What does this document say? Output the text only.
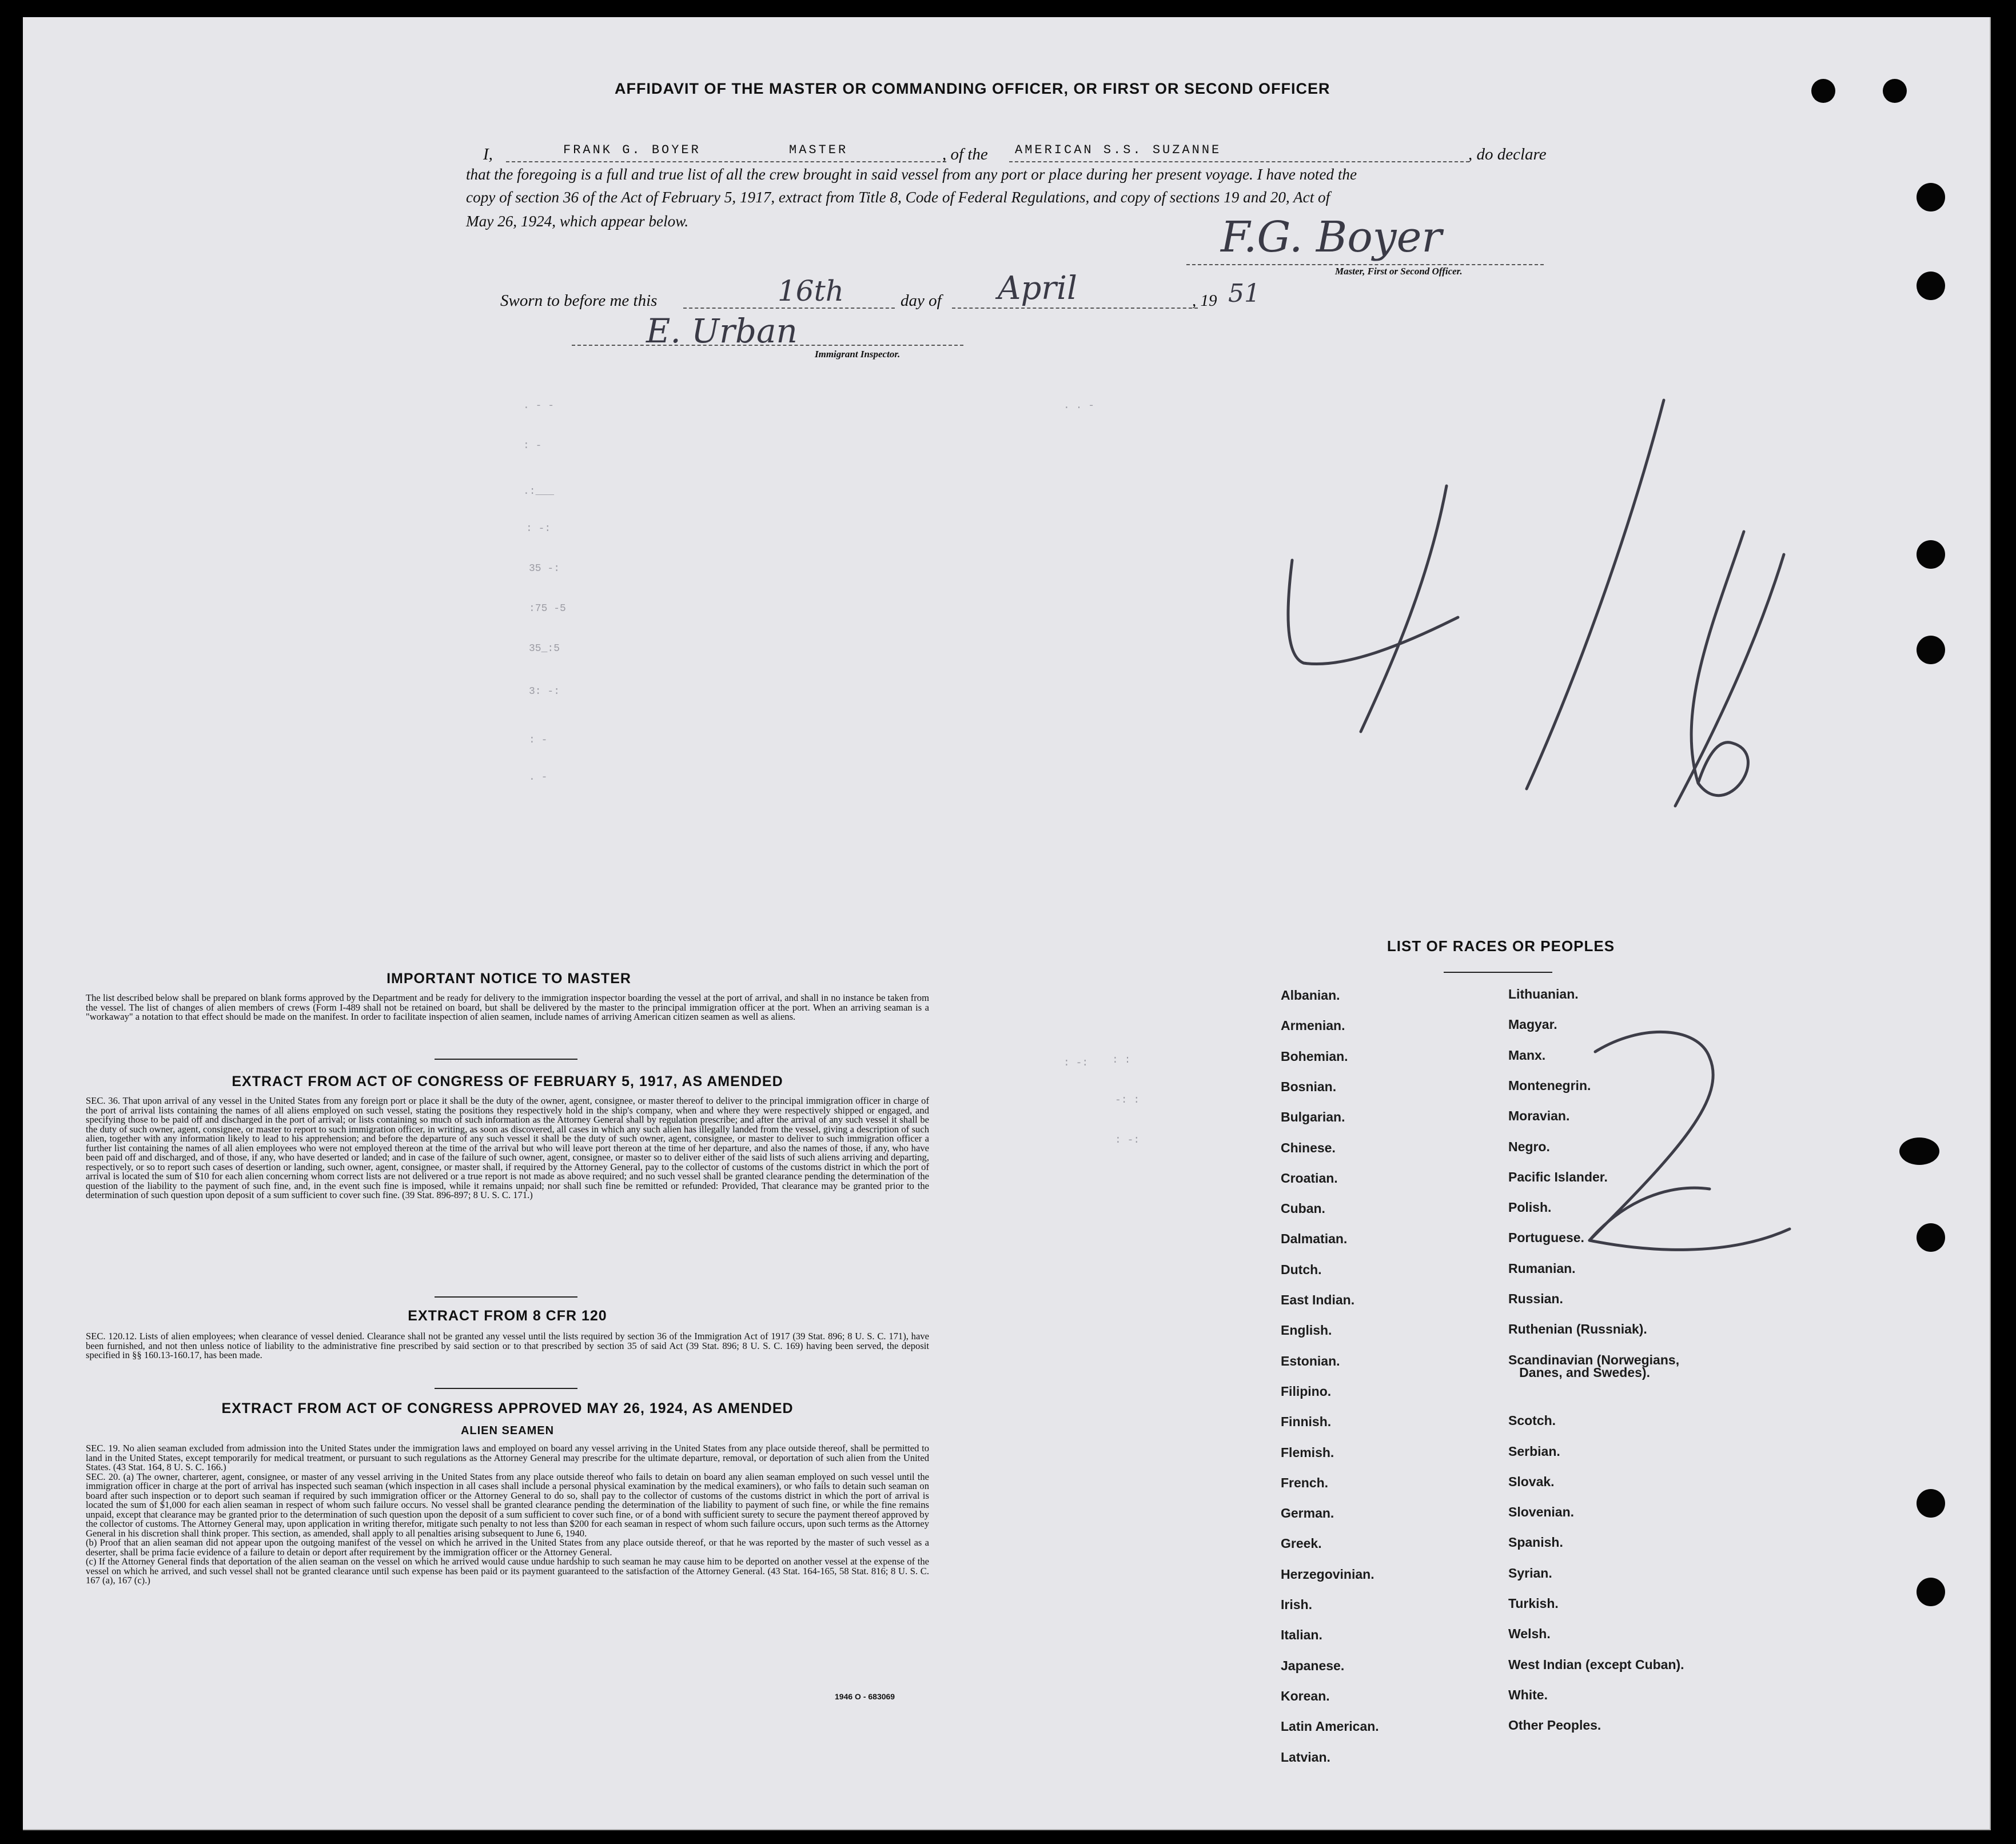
AFFIDAVIT OF THE MASTER OR COMMANDING OFFICER, OR FIRST OR SECOND OFFICER
I,	FRANK G. BOYER	MASTER	, of the AMERICAN S.S. SUZANNE	, do declare
that the foregoing is a full and true list of all the crew brought in said vessel from any port or place during her present voyage. I have noted the
copy of section 36 of the Act of February 5, 1917, extract from Title 8, Code of Federal Regulations, and copy of sections 19 and 20, Act of
May 26, 1924, which appear below.	F.G. Boyer
Master, First or Second Officer.
Sworn to before me this	16th	day of April	, 19 51
E. Urban
Immigrant Inspector.
. - -
: -
.:___
: -:
35 -:
:75 -5
35_:5
3: -:
: -
. -
. . -
: -: : :
-: :
: -:
IMPORTANT NOTICE TO MASTER
The list described below shall be prepared on blank forms approved by the Department and be ready for delivery to the immigration inspector boarding the vessel at the port of arrival, and shall in no instance be taken from the vessel. The list of changes of alien members of crews (Form I-489 shall not be retained on board, but shall be delivered by the master to the principal immigration officer at the port. When an arriving seaman is a "workaway" a notation to that effect should be made on the manifest. In order to facilitate inspection of alien seamen, include names of arriving American citizen seamen as well as aliens.
EXTRACT FROM ACT OF CONGRESS OF FEBRUARY 5, 1917, AS AMENDED
SEC. 36. That upon arrival of any vessel in the United States from any foreign port or place it shall be the duty of the owner, agent, consignee, or master thereof to deliver to the principal immigration officer in charge of the port of arrival lists containing the names of all aliens employed on such vessel, stating the positions they respectively hold in the ship's company, when and where they were respectively shipped or engaged, and specifying those to be paid off and discharged in the port of arrival; or lists containing so much of such information as the Attorney General shall by regulation prescribe; and after the arrival of any such vessel it shall be the duty of such owner, agent, consignee, or master to report to such immigration officer, in writing, as soon as discovered, all cases in which any such alien has illegally landed from the vessel, giving a description of such alien, together with any information likely to lead to his apprehension; and before the departure of any such vessel it shall be the duty of such owner, agent, consignee, or master to deliver to such immigration officer a further list containing the names of all alien employees who were not employed thereon at the time of the arrival but who will leave port thereon at the time of her departure, and also the names of those, if any, who have been paid off and discharged, and of those, if any, who have deserted or landed; and in case of the failure of such owner, agent, consignee, or master so to deliver either of the said lists of such aliens arriving and departing, respectively, or so to report such cases of desertion or landing, such owner, agent, consignee, or master shall, if required by the Attorney General, pay to the collector of customs of the customs district in which the port of arrival is located the sum of $10 for each alien concerning whom correct lists are not delivered or a true report is not made as above required; and no such vessel shall be granted clearance pending the determination of the question of the liability to the payment of such fine, and, in the event such fine is imposed, while it remains unpaid; nor shall such fine be remitted or refunded: Provided, That clearance may be granted prior to the determination of such question upon deposit of a sum sufficient to cover such fine. (39 Stat. 896-897; 8 U. S. C. 171.)
EXTRACT FROM 8 CFR 120
SEC. 120.12. Lists of alien employees; when clearance of vessel denied. Clearance shall not be granted any vessel until the lists required by section 36 of the Immigration Act of 1917 (39 Stat. 896; 8 U. S. C. 171), have been furnished, and not then unless notice of liability to the administrative fine prescribed by said section or to that prescribed by section 35 of said Act (39 Stat. 896; 8 U. S. C. 169) having been served, the deposit specified in §§ 160.13-160.17, has been made.
EXTRACT FROM ACT OF CONGRESS APPROVED MAY 26, 1924, AS AMENDED
ALIEN SEAMEN
SEC. 19. No alien seaman excluded from admission into the United States under the immigration laws and employed on board any vessel arriving in the United States from any place outside thereof, shall be permitted to land in the United States, except temporarily for medical treatment, or pursuant to such regulations as the Attorney General may prescribe for the ultimate departure, removal, or deportation of such alien from the United States. (43 Stat. 164, 8 U. S. C. 166.)
SEC. 20. (a) The owner, charterer, agent, consignee, or master of any vessel arriving in the United States from any place outside thereof who fails to detain on board any alien seaman employed on such vessel until the immigration officer in charge at the port of arrival has inspected such seaman (which inspection in all cases shall include a personal physical examination by the medical examiners), or who fails to detain such seaman on board after such inspection or to deport such seaman if required by such immigration officer or the Attorney General to do so, shall pay to the collector of customs of the customs district in which the port of arrival is located the sum of $1,000 for each alien seaman in respect of whom such failure occurs. No vessel shall be granted clearance pending the determination of the liability to payment of such fine, or while the fine remains unpaid, except that clearance may be granted prior to the determination of such question upon the deposit of a sum sufficient to cover such fine, or of a bond with sufficient surety to secure the payment thereof approved by the collector of customs. The Attorney General may, upon application in writing therefor, mitigate such penalty to not less than $200 for each seaman in respect of whom such failure occurs, upon such terms as the Attorney General in his discretion shall think proper. This section, as amended, shall apply to all penalties arising subsequent to June 6, 1940.
(b) Proof that an alien seaman did not appear upon the outgoing manifest of the vessel on which he arrived in the United States from any place outside thereof, or that he was reported by the master of such vessel as a deserter, shall be prima facie evidence of a failure to detain or deport after requirement by the immigration officer or the Attorney General.
(c) If the Attorney General finds that deportation of the alien seaman on the vessel on which he arrived would cause undue hardship to such seaman he may cause him to be deported on another vessel at the expense of the vessel on which he arrived, and such vessel shall not be granted clearance until such expense has been paid or its payment guaranteed to the satisfaction of the Attorney General. (43 Stat. 164-165, 58 Stat. 816; 8 U. S. C. 167 (a), 167 (c).)
1946 O - 683069
LIST OF RACES OR PEOPLES
Albanian.
Armenian.
Bohemian.
Bosnian.
Bulgarian.
Chinese.
Croatian.
Cuban.
Dalmatian.
Dutch.
East Indian.
English.
Estonian.
Filipino.
Finnish.
Flemish.
French.
German.
Greek.
Herzegovinian.
Irish.
Italian.
Japanese.
Korean.
Latin American.
Latvian.
Lithuanian.
Magyar.
Manx.
Montenegrin.
Moravian.
Negro.
Pacific Islander.
Polish.
Portuguese.
Rumanian.
Russian.
Ruthenian (Russniak).
Scandinavian (Norwegians,
Danes, and Swedes).
Scotch.
Serbian.
Slovak.
Slovenian.
Spanish.
Syrian.
Turkish.
Welsh.
West Indian (except Cuban).
White.
Other Peoples.
